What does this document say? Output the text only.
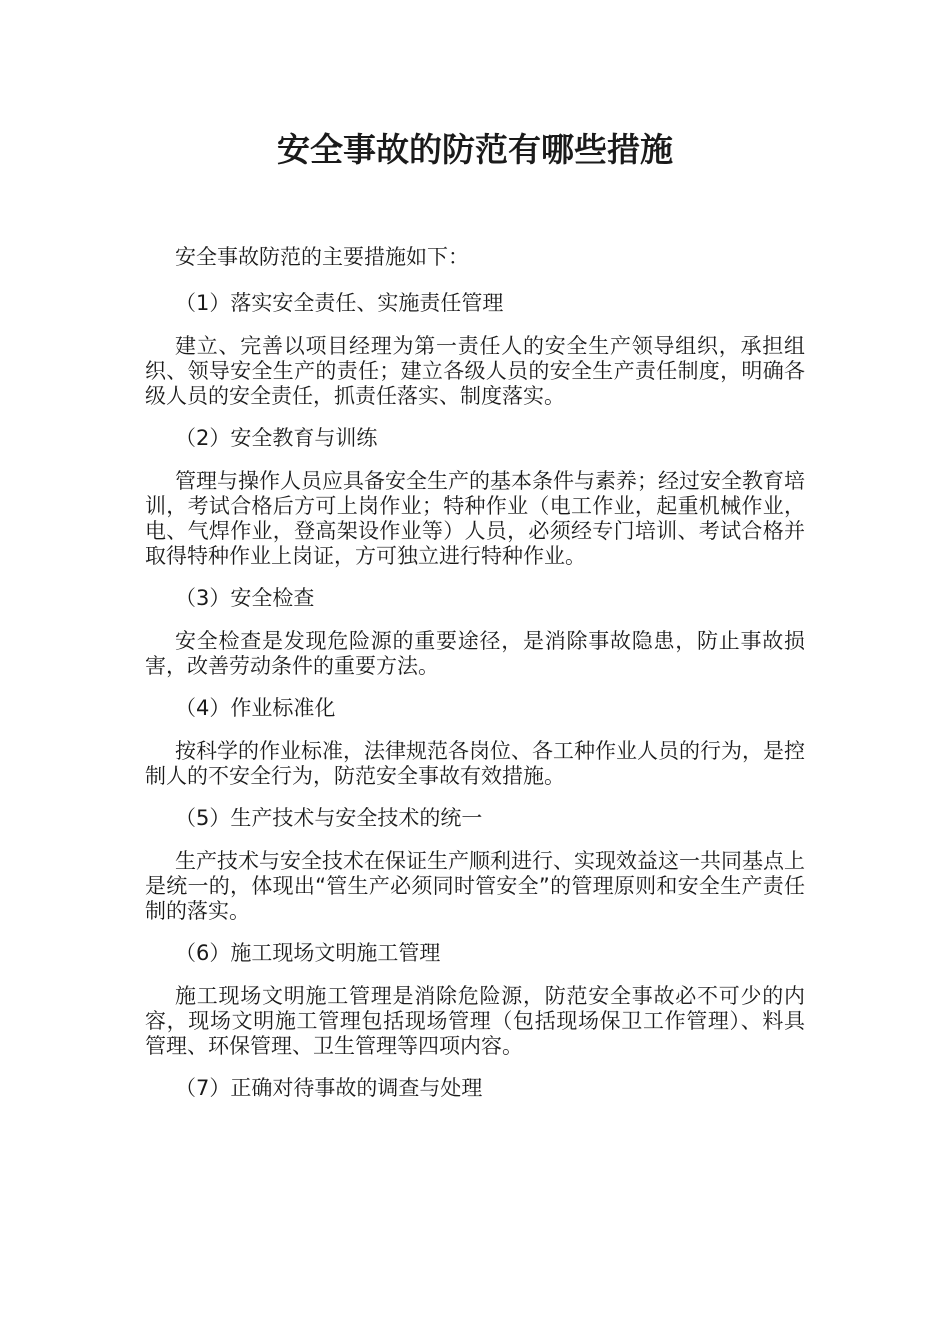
安全事故的防范有哪些措施

安全事故防范的主要措施如下：

（1）落实安全责任、实施责任管理

建立、完善以项目经理为第一责任人的安全生产领导组织，承担组织、领导安全生产的责任；建立各级人员的安全生产责任制度，明确各级人员的安全责任，抓责任落实、制度落实。

（2）安全教育与训练

管理与操作人员应具备安全生产的基本条件与素养；经过安全教育培训，考试合格后方可上岗作业；特种作业（电工作业，起重机械作业，电、气焊作业，登高架设作业等）人员，必须经专门培训、考试合格并取得特种作业上岗证，方可独立进行特种作业。

（3）安全检查

安全检查是发现危险源的重要途径，是消除事故隐患，防止事故损害，改善劳动条件的重要方法。

（4）作业标准化

按科学的作业标准，法律规范各岗位、各工种作业人员的行为，是控制人的不安全行为，防范安全事故有效措施。

（5）生产技术与安全技术的统一

生产技术与安全技术在保证生产顺利进行、实现效益这一共同基点上是统一的，体现出“管生产必须同时管安全”的管理原则和安全生产责任制的落实。

（6）施工现场文明施工管理

施工现场文明施工管理是消除危险源，防范安全事故必不可少的内容，现场文明施工管理包括现场管理（包括现场保卫工作管理）、料具管理、环保管理、卫生管理等四项内容。

（7）正确对待事故的调查与处理
